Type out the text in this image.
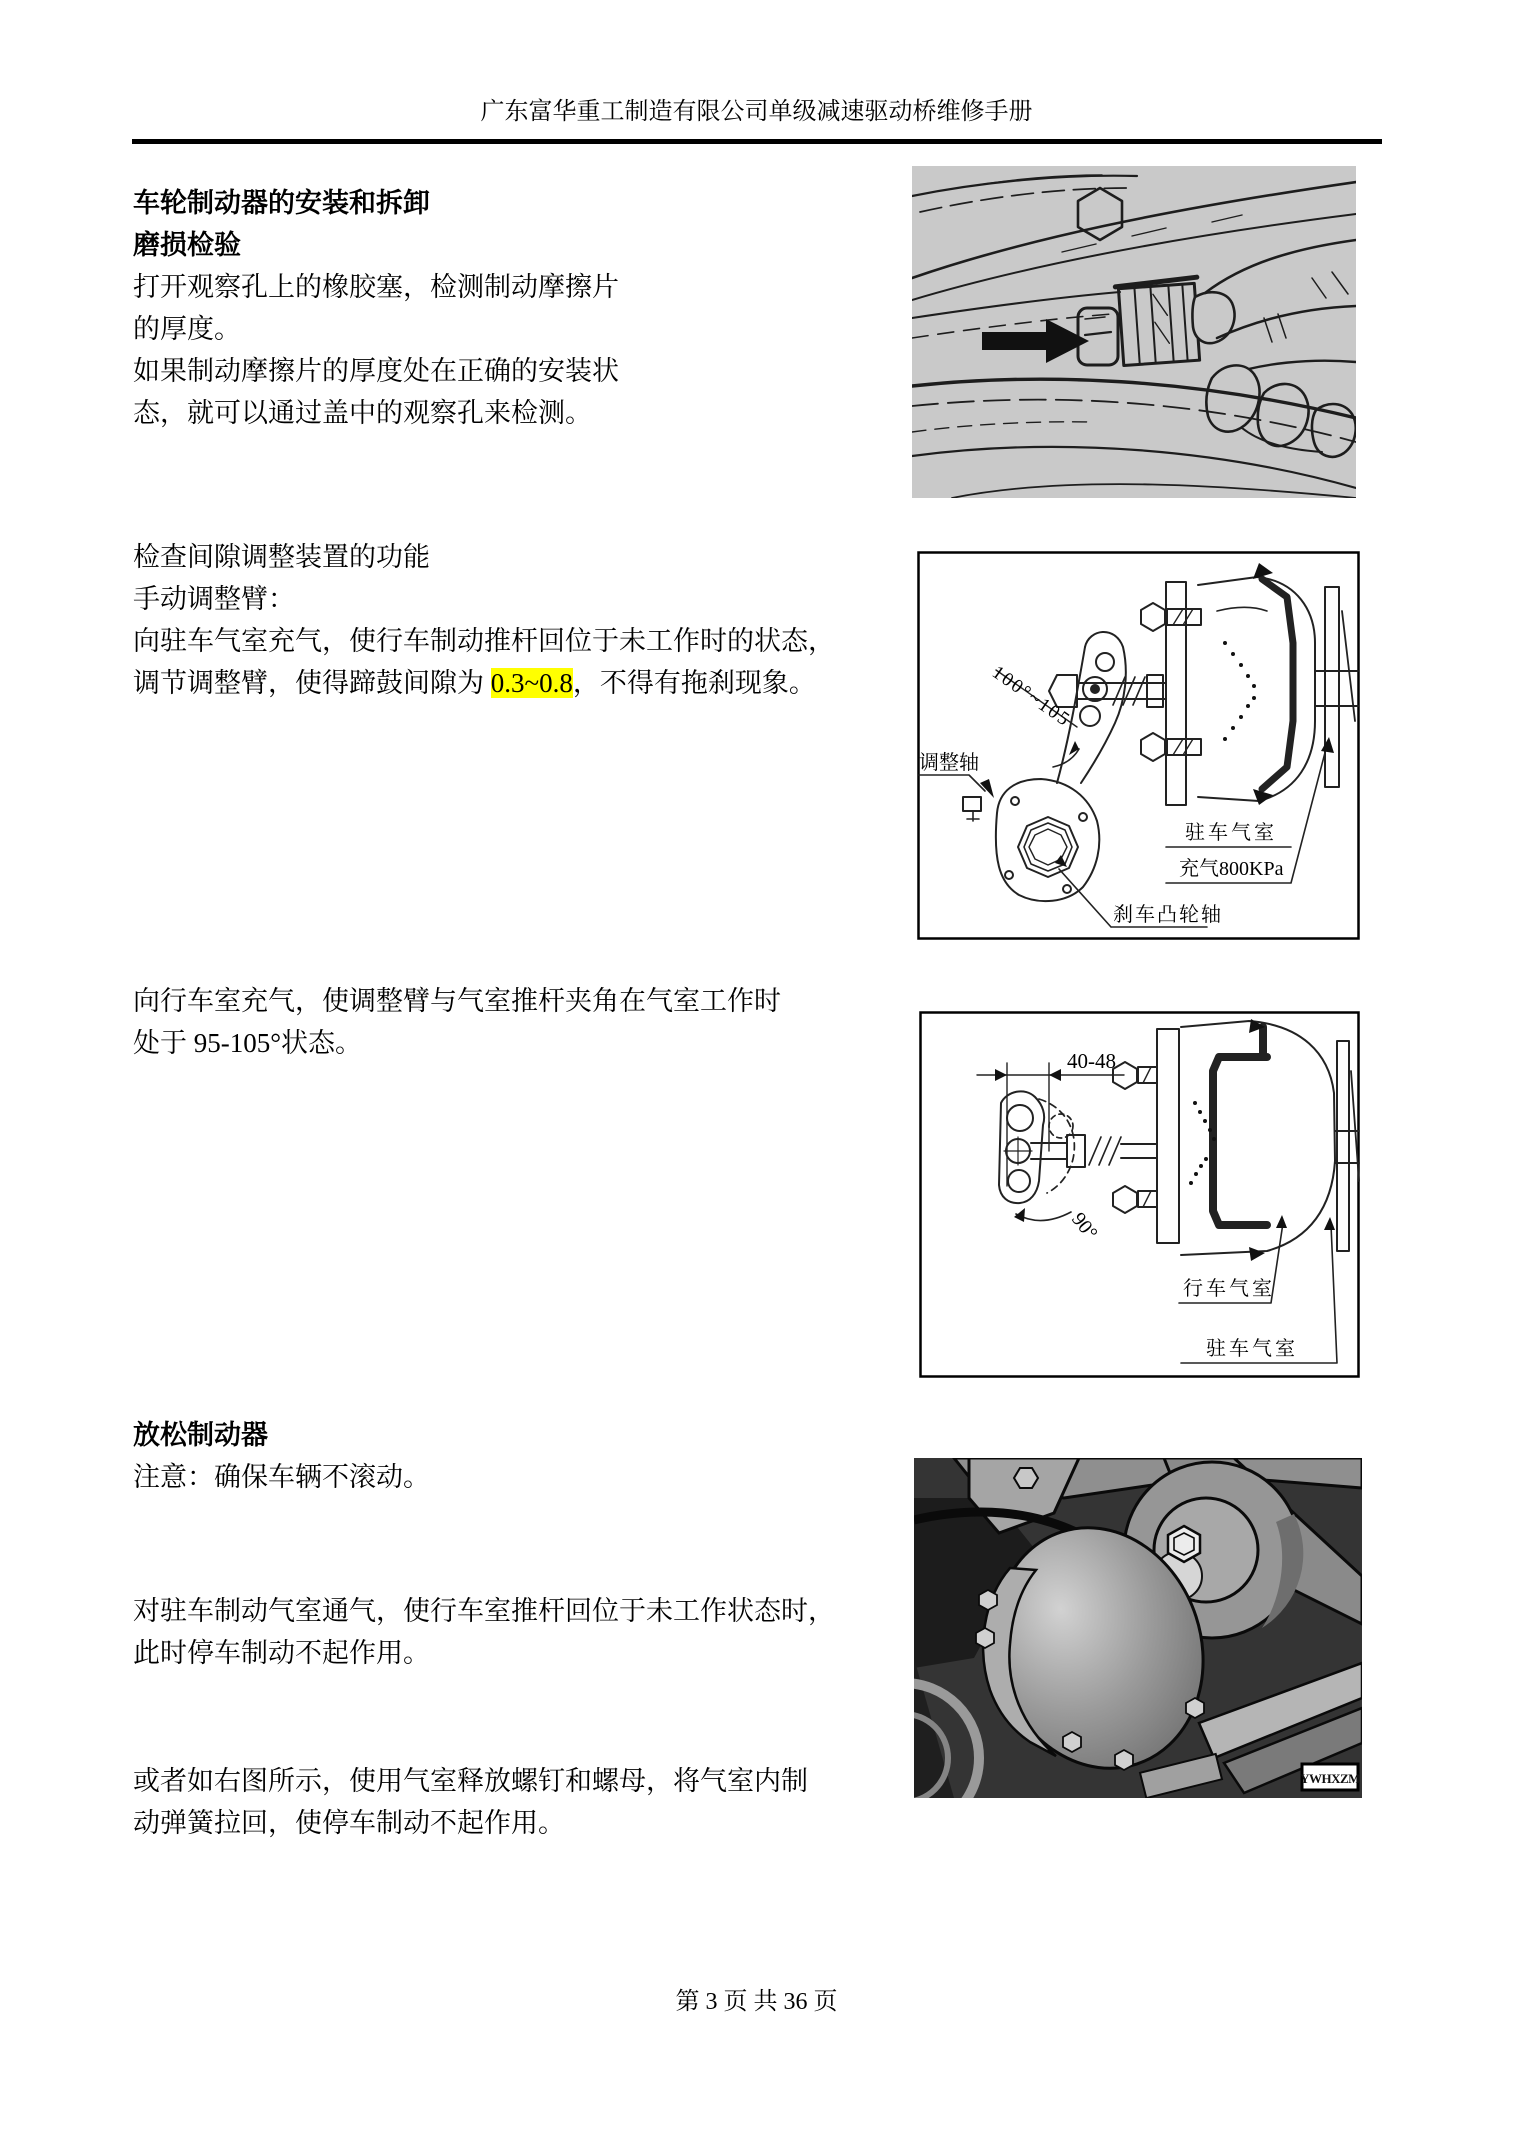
广东富华重工制造有限公司单级减速驱动桥维修手册
车轮制动器的安装和拆卸
磨损检验
打开观察孔上的橡胶塞，检测制动摩擦片
的厚度。
如果制动摩擦片的厚度处在正确的安装状
态，就可以通过盖中的观察孔来检测。
检查间隙调整装置的功能
手动调整臂：
向驻车气室充气，使行车制动推杆回位于未工作时的状态，
调节调整臂，使得蹄鼓间隙为 0.3~0.8，不得有拖刹现象。
向行车室充气，使调整臂与气室推杆夹角在气室工作时
处于 95-105°状态。
放松制动器
注意：确保车辆不滚动。
对驻车制动气室通气，使行车室推杆回位于未工作状态时，
此时停车制动不起作用。
或者如右图所示，使用气室释放螺钉和螺母，将气室内制
动弹簧拉回，使停车制动不起作用。
100°~105
调整轴
驻车气室
充气800KPa
刹车凸轮轴
40-48
90°
行车气室
驻车气室
YWHXZM
第 3 页 共 36 页
